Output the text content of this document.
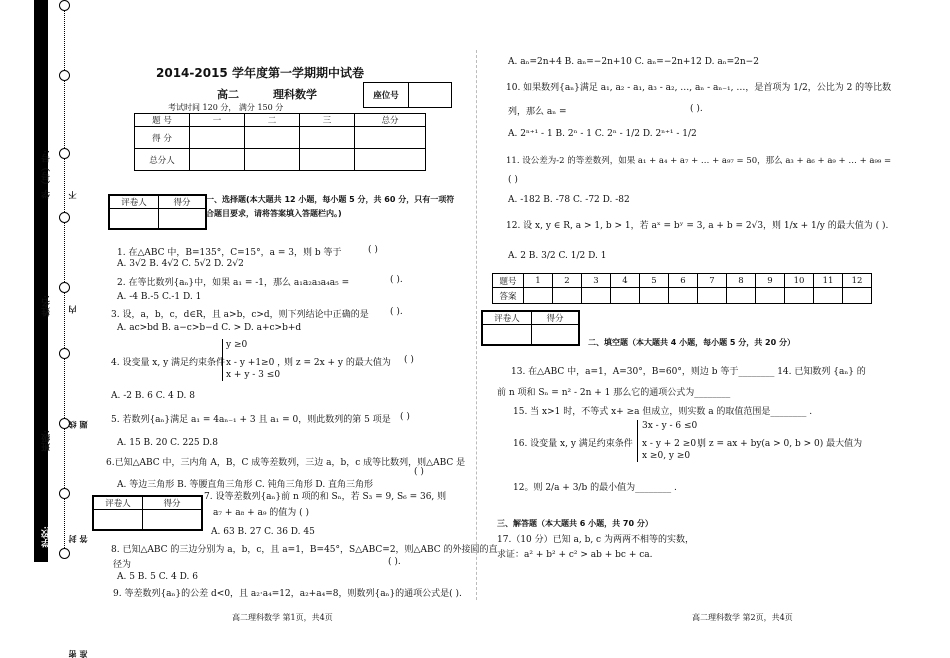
学校:
班级:
姓名:
学（号）号: 密 封 线 内 不 准 答 题
2014-2015 学年度第一学期期中试卷
高二	理科数学	座位号	
考试时间 120 分， 满分 150 分
题 号	一	二	三	总分
得 分				
总分人				
评卷人	得分
	一、选择题(本大题共 12 小题，每小题 5 分，共 60 分，只有一项符
合题目要求，请将答案填入答题栏内。)
1. 在△ABC 中，B=135°，C=15°，a = 3，则 b 等于	( )
A. 3√2 B. 4√2 C. 5√2 D. 2√2
2. 在等比数列{aₙ}中，如果 a₁ = -1，那么 a₁a₂a₃a₄a₅ =	( ).
A. -4 B.-5 C.-1 D. 1
3. 设，a，b，c，d∈R，且 a>b，c>d，则下列结论中正确的是 ( ).
A. ac>bd B. a−c>b−d C. > D. a+c>b+d
4. 设变量 x, y 满足约束条件
y ≥0
x - y +1≥0 ，
x + y - 3 ≤0
则 z = 2x + y 的最大值为 ( )
A. -2 B. 6 C. 4 D. 8
5. 若数列{aₙ}满足 a₁ = 4aₙ₋₁ + 3 且 a₁ = 0，则此数列的第 5 项是 ( )
A. 15 B. 20 C. 225 D.8
6.已知△ABC 中，三内角 A，B，C 成等差数列，三边 a，b，c 成等比数列，则△ABC 是
( )
A. 等边三角形 B. 等腰直角三角形 C. 钝角三角形 D. 直角三角形
评卷人	得分

7. 设等差数列{aₙ}前 n 项的和 Sₙ，若 S₃ = 9, S₆ = 36, 则
a₇ + a₈ + a₉ 的值为 ( )
A. 63 B. 27 C. 36 D. 45
8. 已知△ABC 的三边分别为 a，b，c，且 a=1，B=45°，S△ABC=2，则△ABC 的外接圆的直
径为	( ).
A. 5 B. 5 C. 4 D. 6
9. 等差数列{aₙ}的公差 d<0，且 a₂·a₄=12，a₂+a₄=8，则数列{aₙ}的通项公式是( ).
A. aₙ=2n+4 B. aₙ=−2n+10 C. aₙ=−2n+12 D. aₙ=2n−2
10. 如果数列{aₙ}满足 a₁, a₂ - a₁, a₃ - a₂, …, aₙ - aₙ₋₁, …，是首项为 1/2，公比为 2 的等比数
列，那么 aₙ =	( ).
A. 2ⁿ⁺¹ - 1 B. 2ⁿ - 1 C. 2ⁿ - 1/2 D. 2ⁿ⁺¹ - 1/2
11. 设公差为-2 的等差数列，如果 a₁ + a₄ + a₇ + … + a₉₇ = 50，那么 a₃ + a₆ + a₉ + … + a₉₉ =
( )
A. -182 B. -78 C. -72 D. -82
12. 设 x, y ∈ R, a > 1, b > 1，若 aˣ = bʸ = 3, a + b = 2√3，则 1/x + 1/y 的最大值为 ( ).
A. 2 B. 3/2 C. 1/2 D. 1
题号	1	2	3	4	5	6	7	8	9	10	11	12
答案												
评卷人	得分

二、填空题（本大题共 4 小题，每小题 5 分，共 20 分）
13. 在△ABC 中，a=1，A=30°，B=60°，则边 b 等于________ 14. 已知数列 {aₙ} 的
前 n 项和 Sₙ = n² - 2n + 1 那么它的通项公式为________
15. 当 x>1 时，不等式 x+ ≥a 但成立，则实数 a 的取值范围是________ .
16. 设变量 x, y 满足约束条件
3x - y - 6 ≤0
x - y + 2 ≥0 ，
x ≥0, y ≥0
则 z = ax + by(a > 0, b > 0) 最大值为
12。则 2/a + 3/b 的最小值为________ .
三、解答题（本大题共 6 小题，共 70 分）
17.（10 分）已知 a, b, c 为两两不相等的实数，
求证：a² + b² + c² > ab + bc + ca.
高二理科数学 第1页，共4页	高二理科数学 第2页，共4页
